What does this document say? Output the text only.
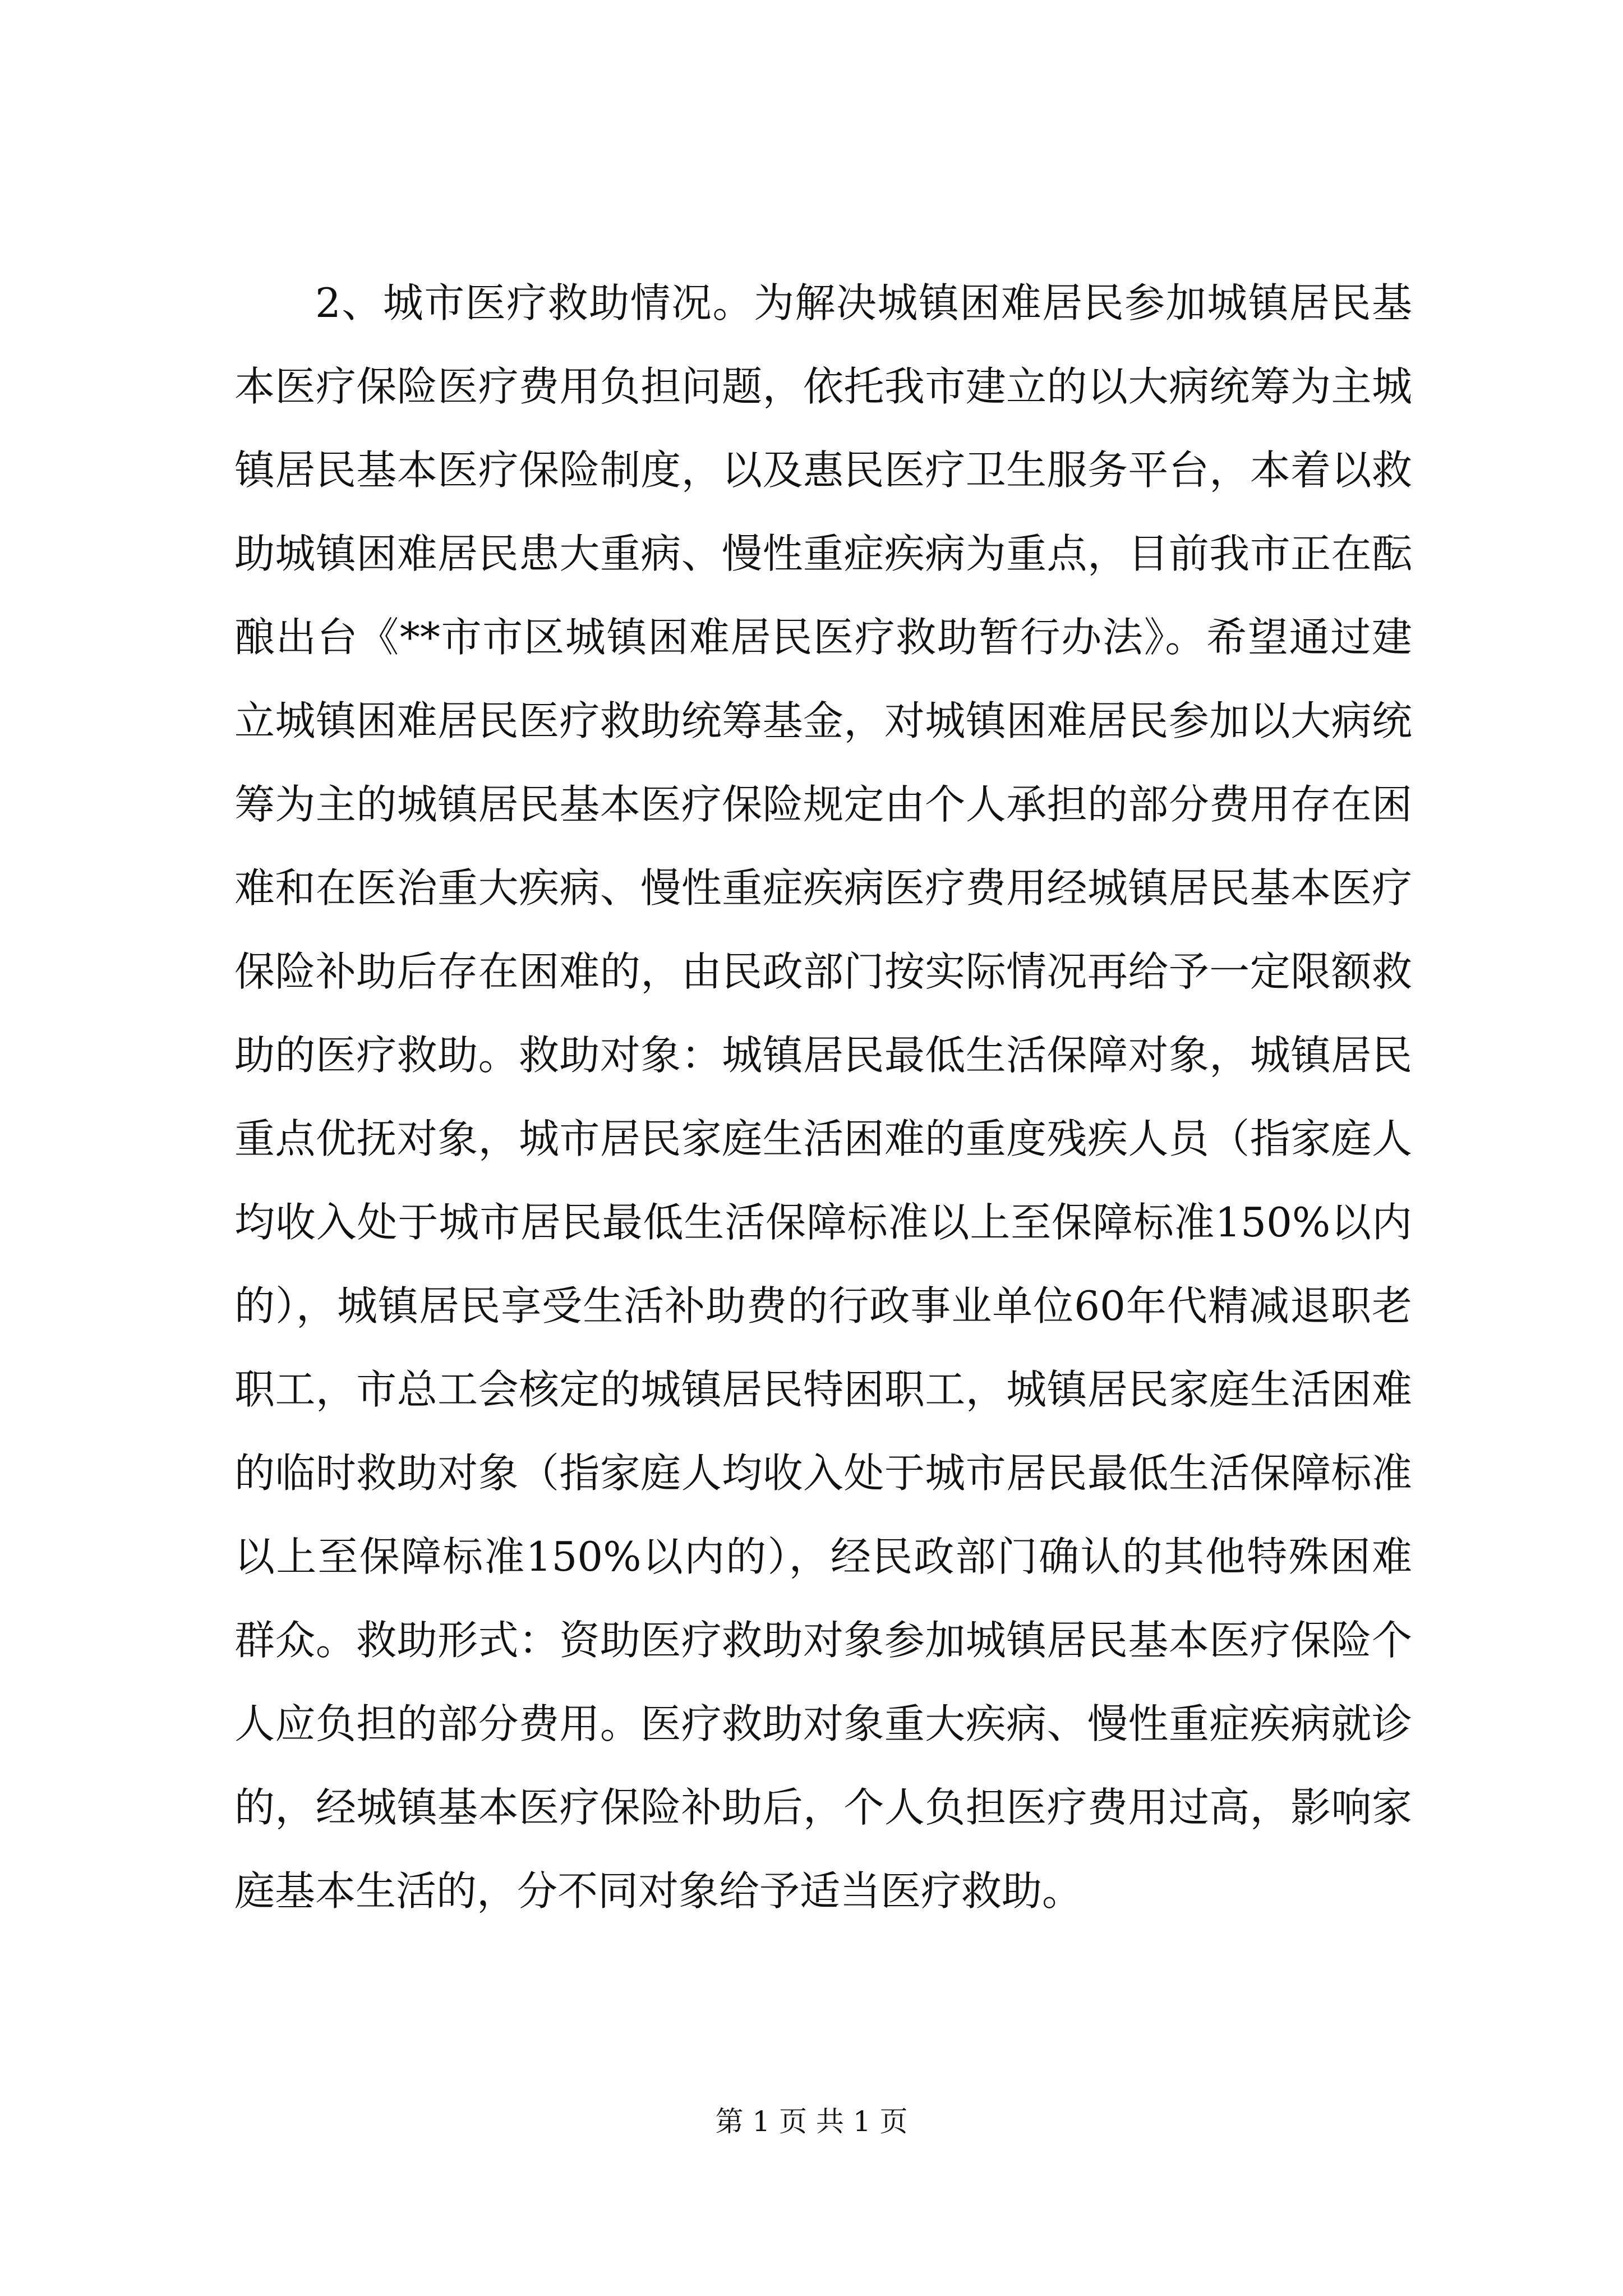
2、城市医疗救助情况。为解决城镇困难居民参加城镇居民基本医疗保险医疗费用负担问题，依托我市建立的以大病统筹为主城镇居民基本医疗保险制度，以及惠民医疗卫生服务平台，本着以救助城镇困难居民患大重病、慢性重症疾病为重点，目前我市正在酝酿出台《**市市区城镇困难居民医疗救助暂行办法》。希望通过建立城镇困难居民医疗救助统筹基金，对城镇困难居民参加以大病统筹为主的城镇居民基本医疗保险规定由个人承担的部分费用存在困难和在医治重大疾病、慢性重症疾病医疗费用经城镇居民基本医疗保险补助后存在困难的，由民政部门按实际情况再给予一定限额救助的医疗救助。救助对象：城镇居民最低生活保障对象，城镇居民重点优抚对象，城市居民家庭生活困难的重度残疾人员（指家庭人均收入处于城市居民最低生活保障标准以上至保障标准150%以内的），城镇居民享受生活补助费的行政事业单位60年代精减退职老职工，市总工会核定的城镇居民特困职工，城镇居民家庭生活困难的临时救助对象（指家庭人均收入处于城市居民最低生活保障标准以上至保障标准150%以内的），经民政部门确认的其他特殊困难群众。救助形式：资助医疗救助对象参加城镇居民基本医疗保险个人应负担的部分费用。医疗救助对象重大疾病、慢性重症疾病就诊的，经城镇基本医疗保险补助后，个人负担医疗费用过高，影响家庭基本生活的，分不同对象给予适当医疗救助。

第 1 页 共 1 页
